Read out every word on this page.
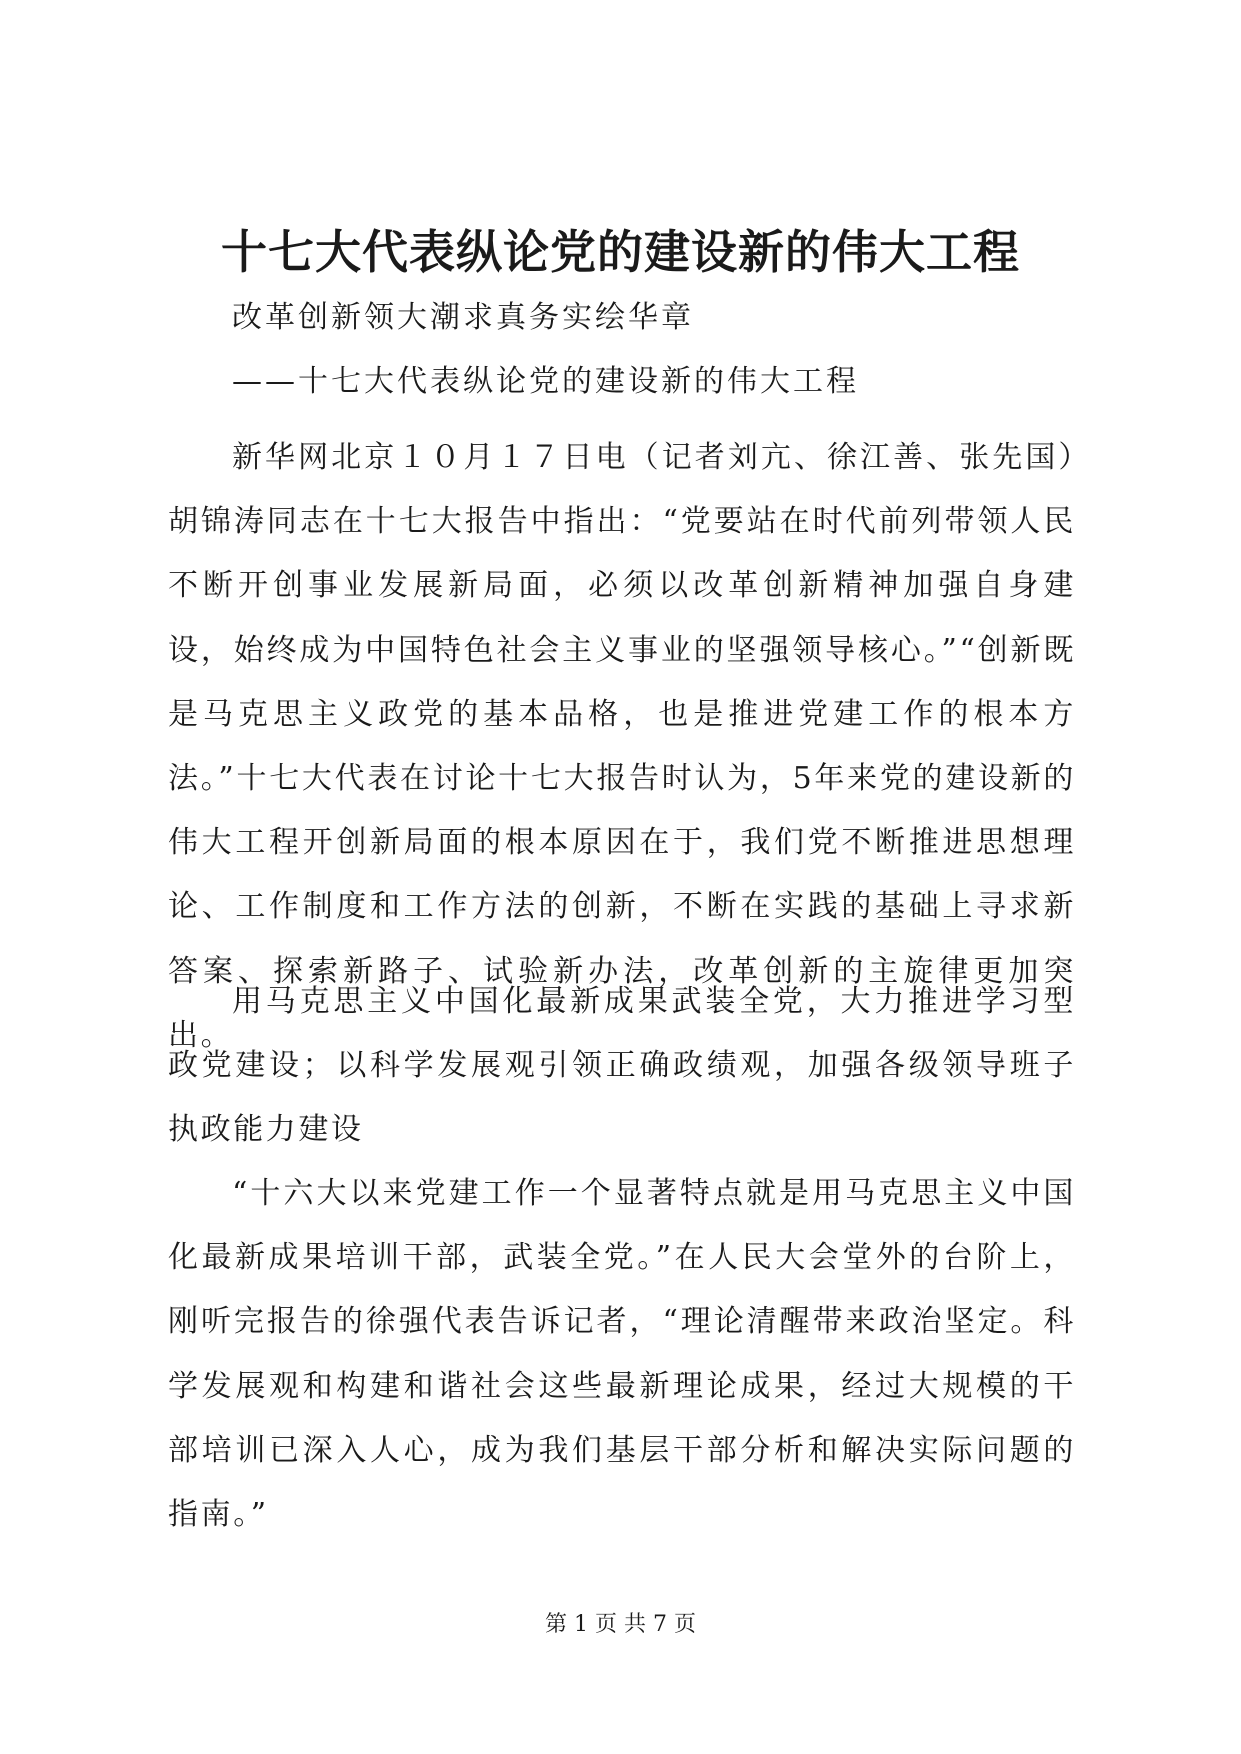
十七大代表纵论党的建设新的伟大工程

改革创新领大潮求真务实绘华章

——十七大代表纵论党的建设新的伟大工程

新华网北京１０月１７日电（记者刘亢、徐江善、张先国）胡锦涛同志在十七大报告中指出：“党要站在时代前列带领人民不断开创事业发展新局面，必须以改革创新精神加强自身建设，始终成为中国特色社会主义事业的坚强领导核心。”“创新既是马克思主义政党的基本品格，也是推进党建工作的根本方法。”十七大代表在讨论十七大报告时认为，5年来党的建设新的伟大工程开创新局面的根本原因在于，我们党不断推进思想理论、工作制度和工作方法的创新，不断在实践的基础上寻求新答案、探索新路子、试验新办法，改革创新的主旋律更加突出。

用马克思主义中国化最新成果武装全党，大力推进学习型政党建设；以科学发展观引领正确政绩观，加强各级领导班子执政能力建设

“十六大以来党建工作一个显著特点就是用马克思主义中国化最新成果培训干部，武装全党。”在人民大会堂外的台阶上，刚听完报告的徐强代表告诉记者，“理论清醒带来政治坚定。科学发展观和构建和谐社会这些最新理论成果，经过大规模的干部培训已深入人心，成为我们基层干部分析和解决实际问题的指南。”

第 1 页 共 7 页
